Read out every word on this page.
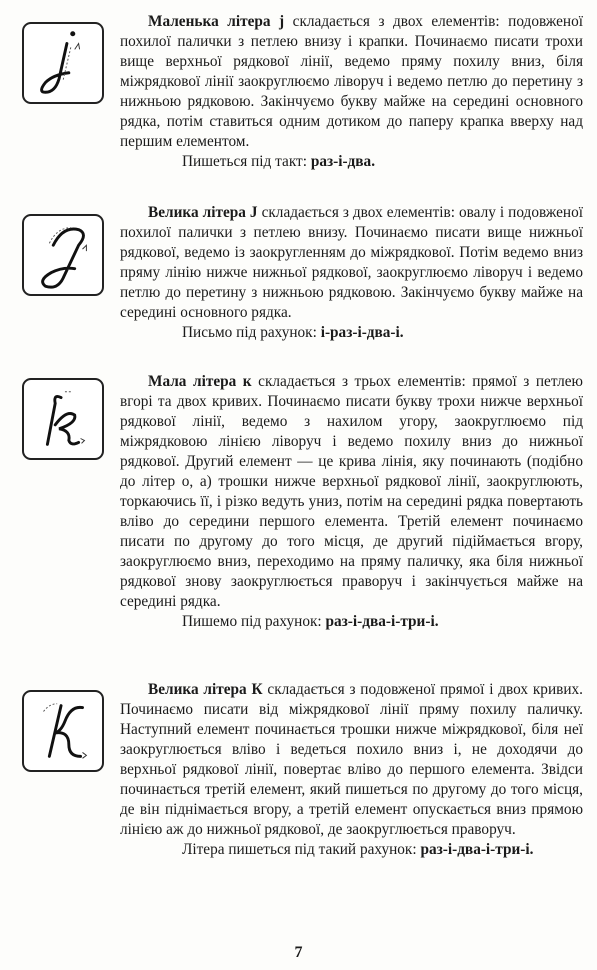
Маленька літера j складається з двох елементів: подовженої похилої палички з петлею внизу і крапки. Починаємо писати трохи вище верхньої рядкової лінії, ведемо пряму похилу вниз, біля міжрядкової лінії заокруглюємо ліворуч і ведемо петлю до перетину з нижньою рядковою. Закінчуємо букву майже на середині основного рядка, потім ставиться одним дотиком до паперу крапка вверху над першим елементом.

Пишеться під такт: раз-і-два.

Велика літера J складається з двох елементів: овалу і подовженої похилої палички з петлею внизу. Починаємо писати вище нижньої рядкової, ведемо із заокругленням до міжрядкової. Потім ведемо вниз пряму лінію нижче нижньої рядкової, заокруглюємо ліворуч і ведемо петлю до перетину з нижньою рядковою. Закінчуємо букву майже на середині основного рядка.

Письмо під рахунок: і-раз-і-два-і.

Мала літера к складається з трьох елементів: прямої з петлею вгорі та двох кривих. Починаємо писати букву трохи нижче верхньої рядкової лінії, ведемо з нахилом угору, заокруглюємо під міжрядковою лінією ліворуч і ведемо похилу вниз до нижньої рядкової. Другий елемент — це крива лінія, яку починають (подібно до літер о, а) трошки нижче верхньої рядкової лінії, заокруглюють, торкаючись її, і різко ведуть униз, потім на середині рядка повертають вліво до середини першого елемента. Третій елемент починаємо писати по другому до того місця, де другий підіймається вгору, заокруглюємо вниз, переходимо на пряму паличку, яка біля нижньої рядкової знову заокруглюється праворуч і закінчується майже на середині рядка.

Пишемо під рахунок: раз-і-два-і-три-і.

Велика літера К складається з подовженої прямої і двох кривих. Починаємо писати від міжрядкової лінії пряму похилу паличку. Наступний елемент починається трошки нижче міжрядкової, біля неї заокруглюється вліво і ведеться похило вниз і, не доходячи до верхньої рядкової лінії, повертає вліво до першого елемента. Звідси починається третій елемент, який пишеться по другому до того місця, де він піднімається вгору, а третій елемент опускається вниз прямою лінією аж до нижньої рядкової, де заокруглюється праворуч.

Літера пишеться під такий рахунок: раз-і-два-і-три-і.

7
